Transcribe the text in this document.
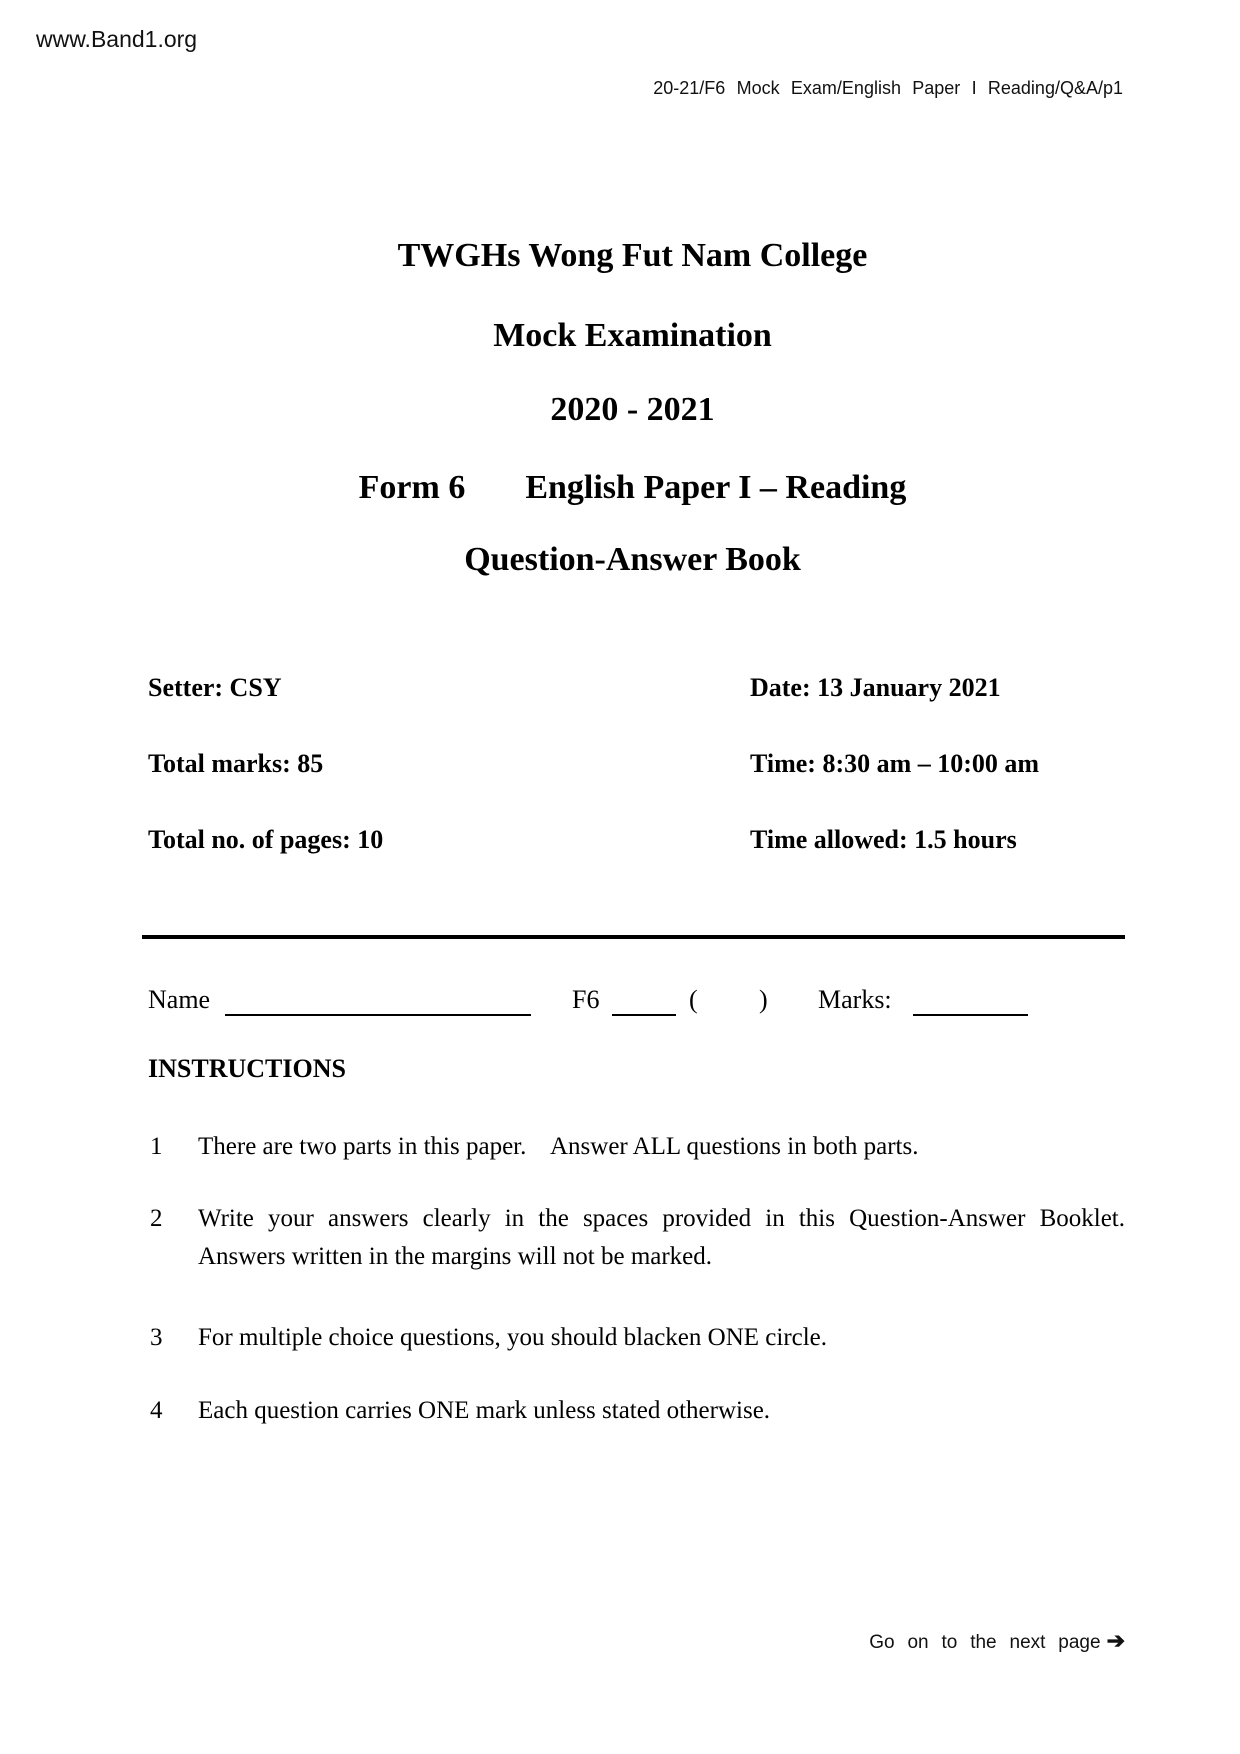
www.Band1.org
20-21/F6 Mock Exam/English Paper I Reading/Q&A/p1
TWGHs Wong Fut Nam College
Mock Examination
2020 - 2021
Form 6 English Paper I – Reading
Question-Answer Book
Setter: CSY	Date: 13 January 2021
Total marks: 85	Time: 8:30 am – 10:00 am
Total no. of pages: 10	Time allowed: 1.5 hours
Name	F6	( ) Marks:
INSTRUCTIONS
1	There are two parts in this paper.    Answer ALL questions in both parts.
2	Write your answers clearly in the spaces provided in this Question-Answer Booklet.    Answers written in the margins will not be marked.
3	For multiple choice questions, you should blacken ONE circle.
4	Each question carries ONE mark unless stated otherwise.
Go on to the next page ➔
